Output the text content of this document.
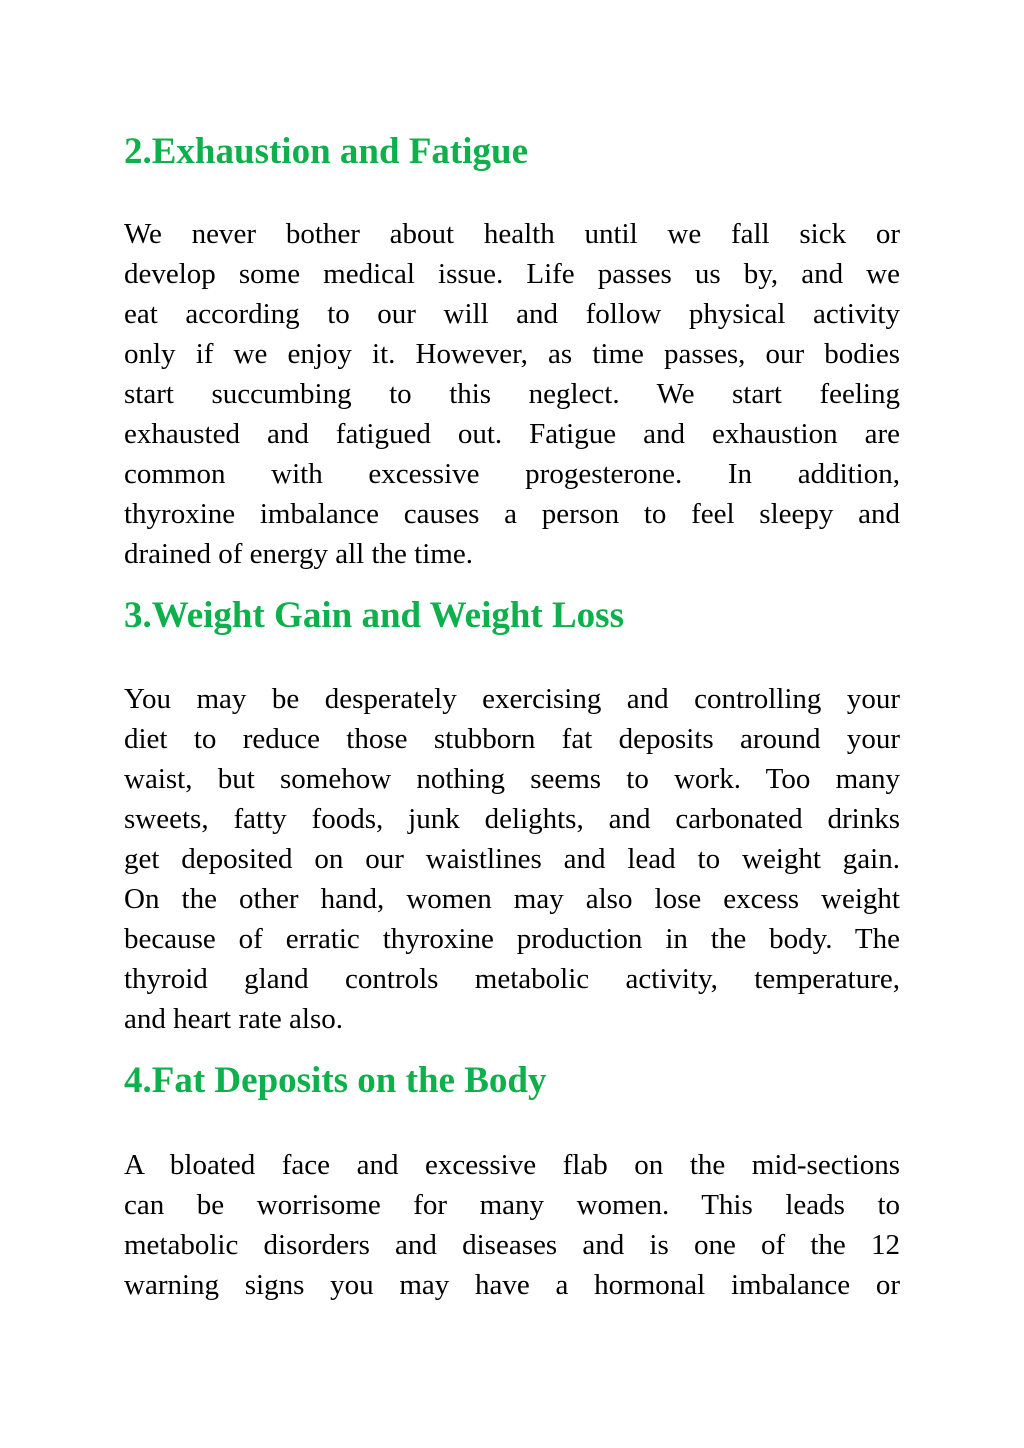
2.Exhaustion and Fatigue
We never bother about health until we fall sick or
develop some medical issue. Life passes us by, and we
eat according to our will and follow physical activity
only if we enjoy it. However, as time passes, our bodies
start succumbing to this neglect. We start feeling
exhausted and fatigued out. Fatigue and exhaustion are
common with excessive progesterone. In addition,
thyroxine imbalance causes a person to feel sleepy and
drained of energy all the time.
3.Weight Gain and Weight Loss
You may be desperately exercising and controlling your
diet to reduce those stubborn fat deposits around your
waist, but somehow nothing seems to work. Too many
sweets, fatty foods, junk delights, and carbonated drinks
get deposited on our waistlines and lead to weight gain.
On the other hand, women may also lose excess weight
because of erratic thyroxine production in the body. The
thyroid gland controls metabolic activity, temperature,
and heart rate also.
4.Fat Deposits on the Body
A bloated face and excessive flab on the mid-sections
can be worrisome for many women. This leads to
metabolic disorders and diseases and is one of the 12
warning signs you may have a hormonal imbalance or
